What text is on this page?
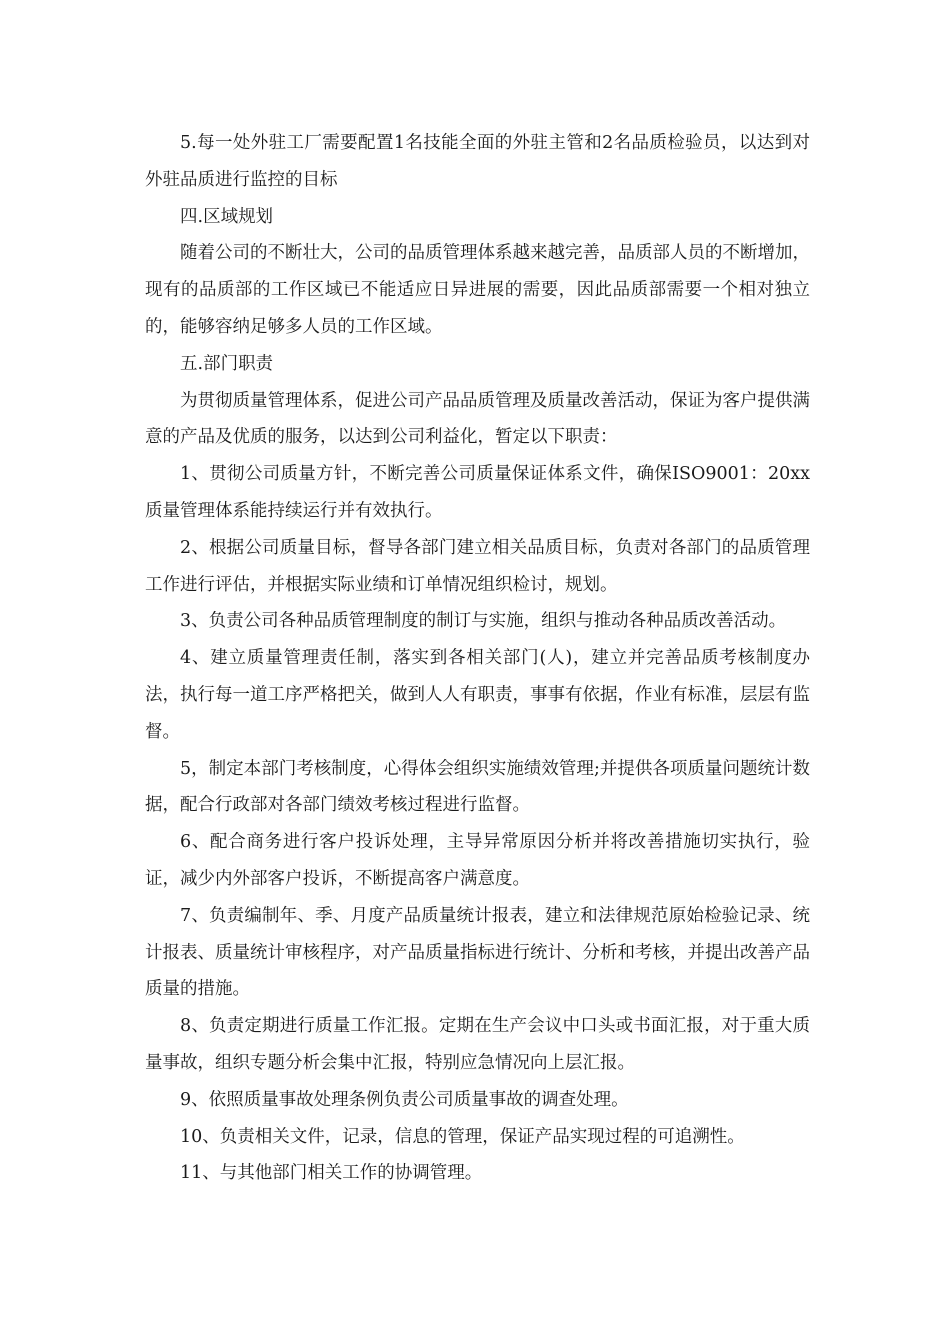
5.每一处外驻工厂需要配置1名技能全面的外驻主管和2名品质检验员，以达到对外驻品质进行监控的目标

四.区域规划

随着公司的不断壮大，公司的品质管理体系越来越完善，品质部人员的不断增加，现有的品质部的工作区域已不能适应日异进展的需要，因此品质部需要一个相对独立的，能够容纳足够多人员的工作区域。

五.部门职责

为贯彻质量管理体系，促进公司产品品质管理及质量改善活动，保证为客户提供满意的产品及优质的服务，以达到公司利益化，暂定以下职责：

1、贯彻公司质量方针，不断完善公司质量保证体系文件，确保ISO9001：20xx质量管理体系能持续运行并有效执行。

2、根据公司质量目标，督导各部门建立相关品质目标，负责对各部门的品质管理工作进行评估，并根据实际业绩和订单情况组织检讨，规划。

3、负责公司各种品质管理制度的制订与实施，组织与推动各种品质改善活动。

4、建立质量管理责任制，落实到各相关部门(人)，建立并完善品质考核制度办法，执行每一道工序严格把关，做到人人有职责，事事有依据，作业有标准，层层有监督。

5，制定本部门考核制度，心得体会组织实施绩效管理;并提供各项质量问题统计数据，配合行政部对各部门绩效考核过程进行监督。

6、配合商务进行客户投诉处理，主导异常原因分析并将改善措施切实执行，验证，减少内外部客户投诉，不断提高客户满意度。

7、负责编制年、季、月度产品质量统计报表，建立和法律规范原始检验记录、统计报表、质量统计审核程序，对产品质量指标进行统计、分析和考核，并提出改善产品质量的措施。

8、负责定期进行质量工作汇报。定期在生产会议中口头或书面汇报，对于重大质量事故，组织专题分析会集中汇报，特别应急情况向上层汇报。

9、依照质量事故处理条例负责公司质量事故的调查处理。

10、负责相关文件，记录，信息的管理，保证产品实现过程的可追溯性。

11、与其他部门相关工作的协调管理。
